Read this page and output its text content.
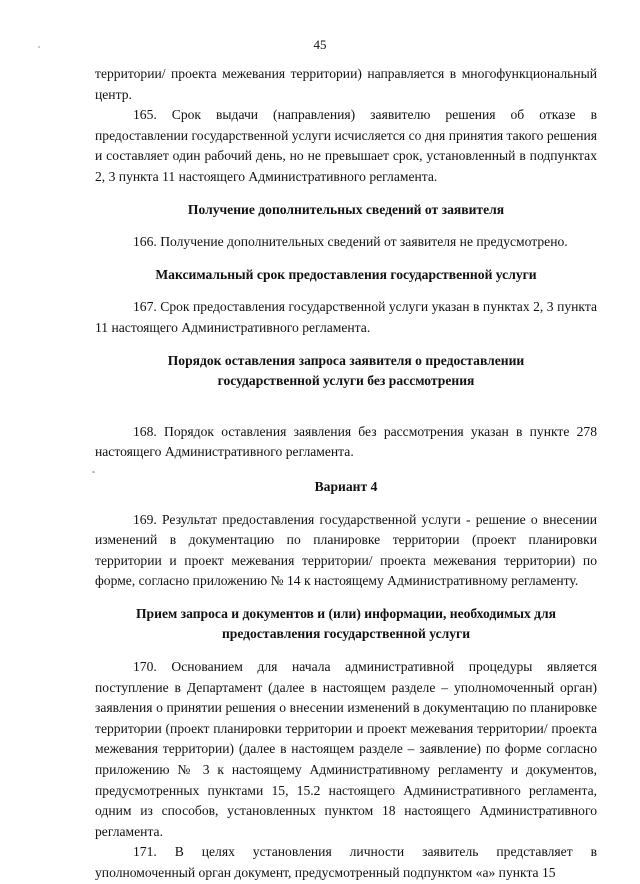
45

территории/ проекта межевания территории) направляется в многофункциональный центр.

165. Срок выдачи (направления) заявителю решения об отказе в предоставлении государственной услуги исчисляется со дня принятия такого решения и составляет один рабочий день, но не превышает срок, установленный в подпунктах 2, 3 пункта 11 настоящего Административного регламента.

Получение дополнительных сведений от заявителя

166. Получение дополнительных сведений от заявителя не предусмотрено.

Максимальный срок предоставления государственной услуги

167. Срок предоставления государственной услуги указан в пунктах 2, 3 пункта 11 настоящего Административного регламента.

Порядок оставления запроса заявителя о предоставлении
государственной услуги без рассмотрения

168. Порядок оставления заявления без рассмотрения указан в пункте 278 настоящего Административного регламента.

Вариант 4

169. Результат предоставления государственной услуги - решение о внесении изменений в документацию по планировке территории (проект планировки территории и проект межевания территории/ проекта межевания территории) по форме, согласно приложению № 14 к настоящему Административному регламенту.

Прием запроса и документов и (или) информации, необходимых для
предоставления государственной услуги

170. Основанием для начала административной процедуры является поступление в Департамент (далее в настоящем разделе – уполномоченный орган) заявления о принятии решения о внесении изменений в документацию по планировке территории (проект планировки территории и проект межевания территории/ проекта межевания территории) (далее в настоящем разделе – заявление) по форме согласно приложению № 3 к настоящему Административному регламенту и документов, предусмотренных пунктами 15, 15.2 настоящего Административного регламента, одним из способов, установленных пунктом 18 настоящего Административного регламента.

171. В целях установления личности заявитель представляет в уполномоченный орган документ, предусмотренный подпунктом «а» пункта 15
